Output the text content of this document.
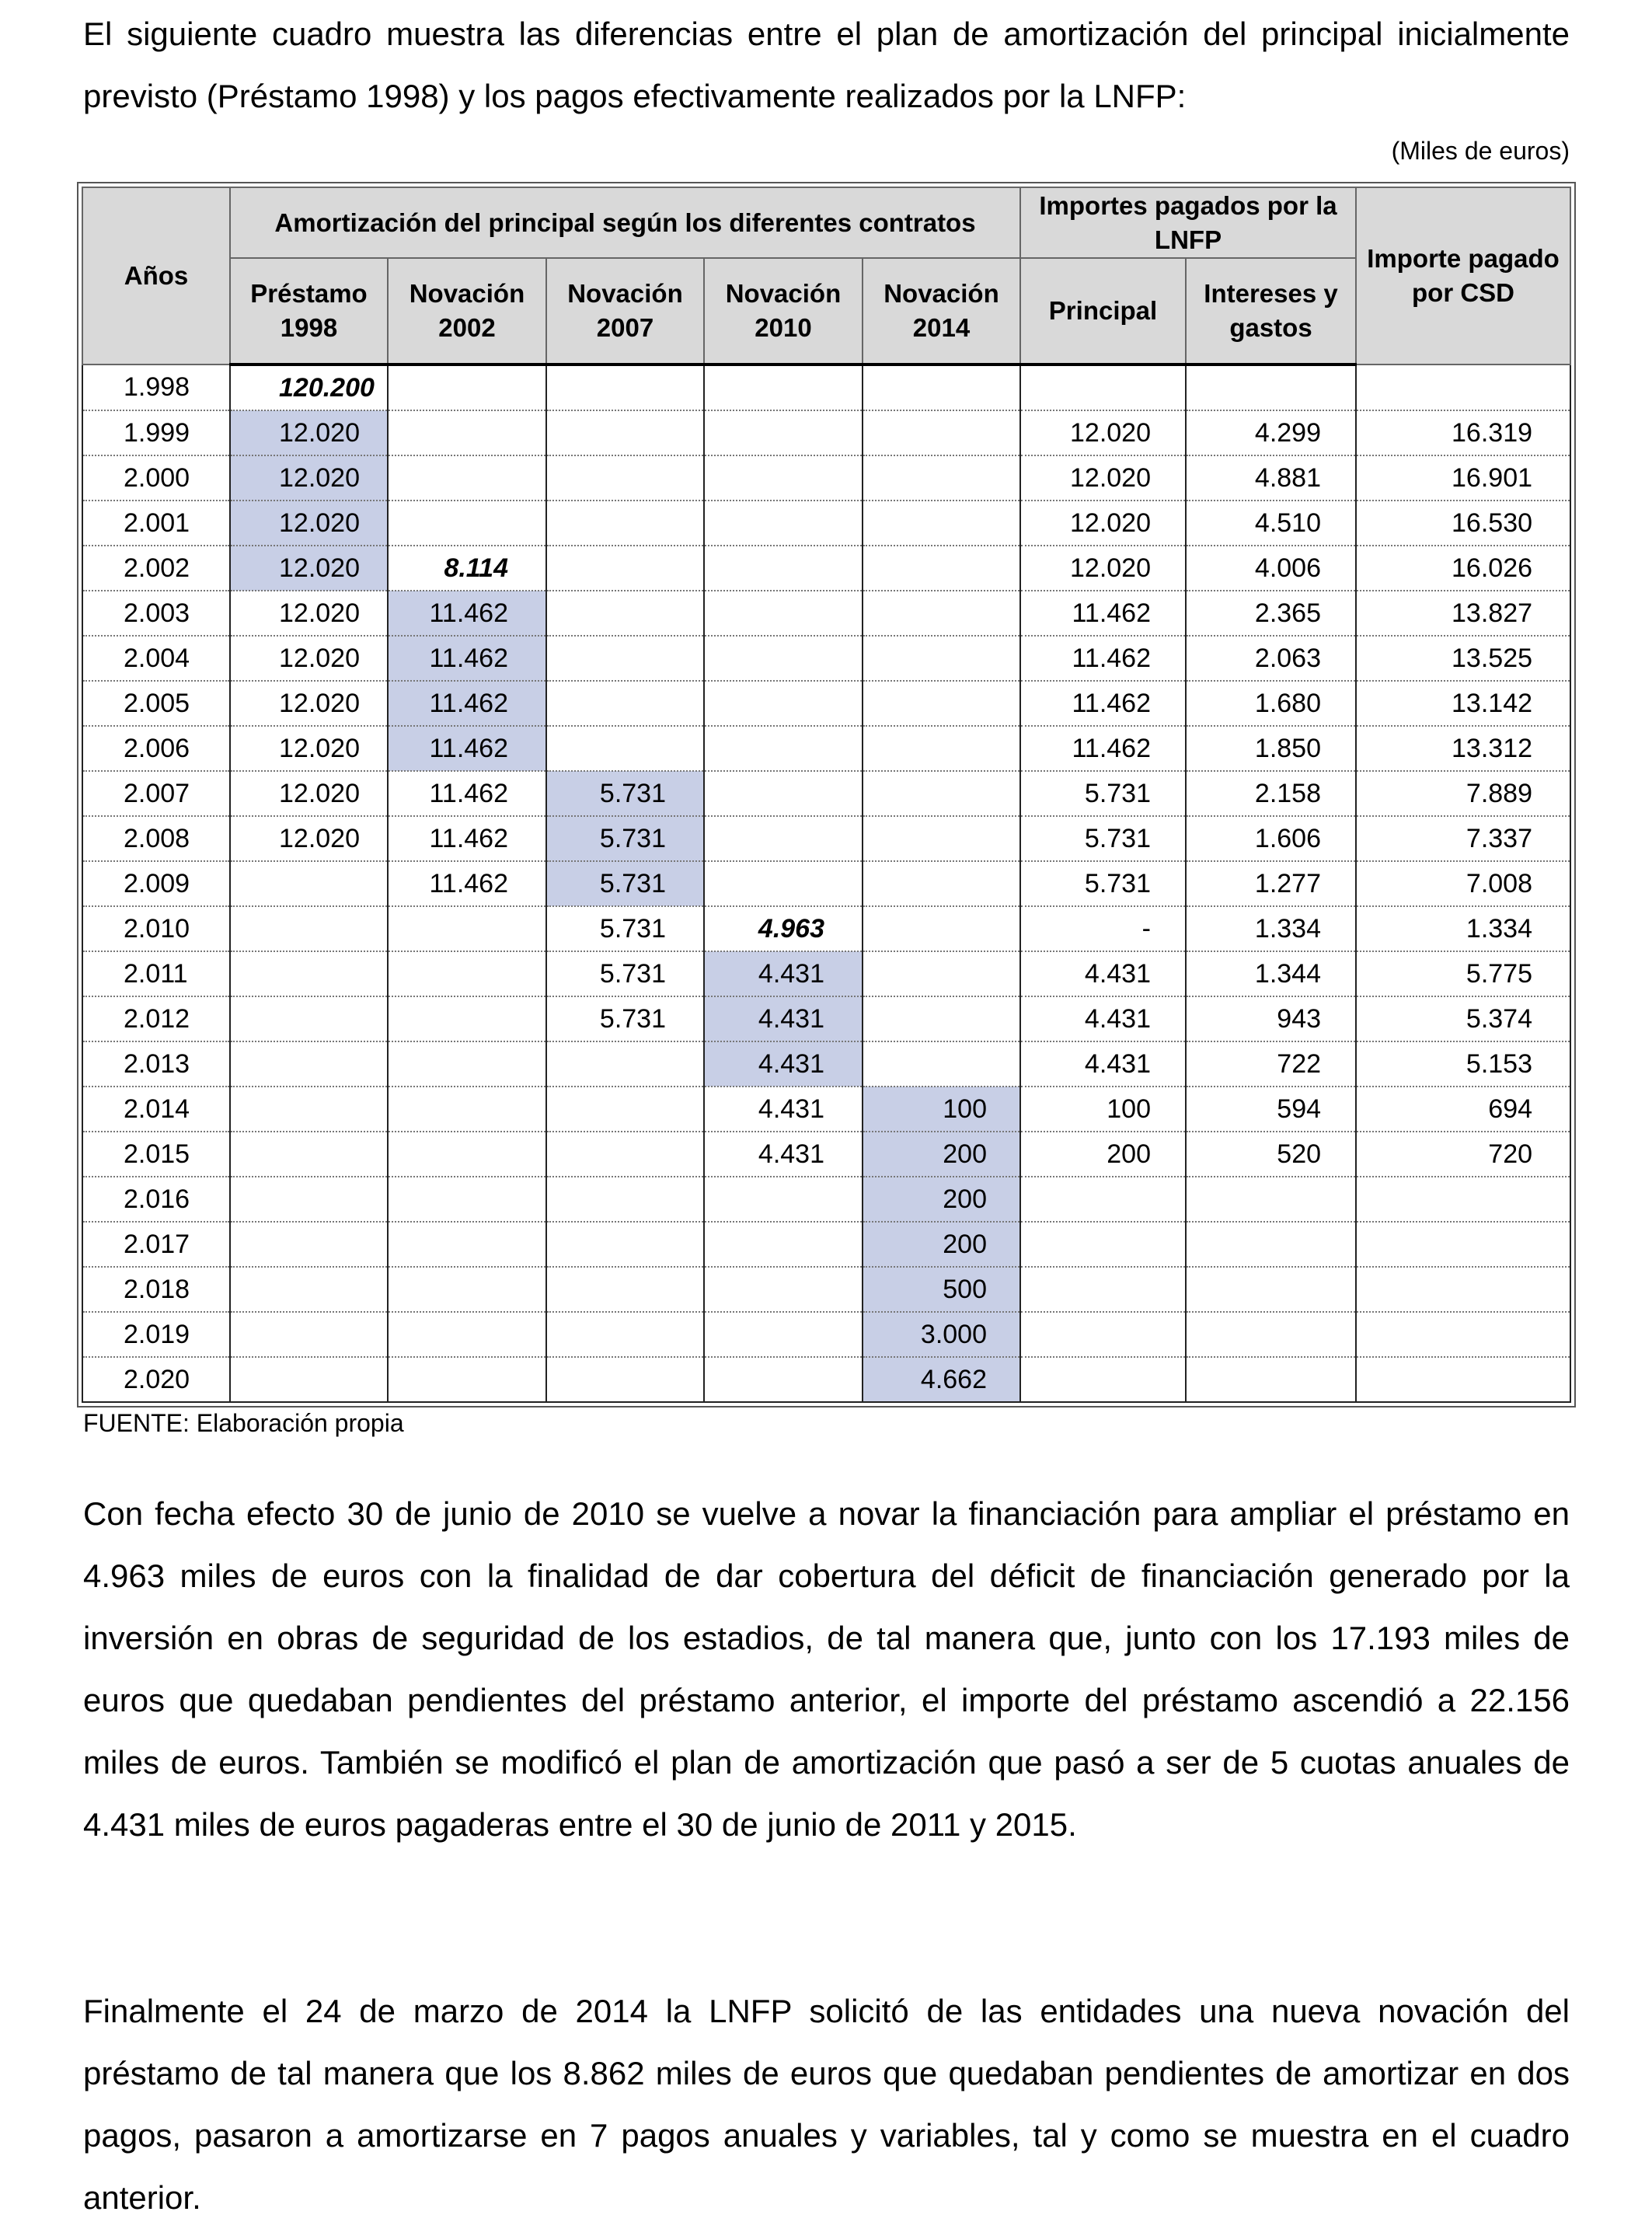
El siguiente cuadro muestra las diferencias entre el plan de amortización del principal inicialmente previsto (Préstamo 1998) y los pagos efectivamente realizados por la LNFP:

(Miles de euros)

Años	Amortización del principal según los diferentes contratos					Importes pagados por la LNFP		Importe pagado por CSD
	Préstamo 1998	Novación 2002	Novación 2007	Novación 2010	Novación 2014	Principal	Intereses y gastos	
1.998	120.200							
1.999	12.020					12.020	4.299	16.319
2.000	12.020					12.020	4.881	16.901
2.001	12.020					12.020	4.510	16.530
2.002	12.020	8.114				12.020	4.006	16.026
2.003	12.020	11.462				11.462	2.365	13.827
2.004	12.020	11.462				11.462	2.063	13.525
2.005	12.020	11.462				11.462	1.680	13.142
2.006	12.020	11.462				11.462	1.850	13.312
2.007	12.020	11.462	5.731			5.731	2.158	7.889
2.008	12.020	11.462	5.731			5.731	1.606	7.337
2.009		11.462	5.731			5.731	1.277	7.008
2.010			5.731	4.963		-	1.334	1.334
2.011			5.731	4.431		4.431	1.344	5.775
2.012			5.731	4.431		4.431	943	5.374
2.013				4.431		4.431	722	5.153
2.014				4.431	100	100	594	694
2.015				4.431	200	200	520	720
2.016					200			
2.017					200			
2.018					500			
2.019					3.000			
2.020					4.662			

FUENTE: Elaboración propia

Con fecha efecto 30 de junio de 2010 se vuelve a novar la financiación para ampliar el préstamo en 4.963 miles de euros con la finalidad de dar cobertura del déficit de financiación generado por la inversión en obras de seguridad de los estadios, de tal manera que, junto con los 17.193 miles de euros que quedaban pendientes del préstamo anterior, el importe del préstamo ascendió a 22.156 miles de euros. También se modificó el plan de amortización que pasó a ser de 5 cuotas anuales de 4.431 miles de euros pagaderas entre el 30 de junio de 2011 y 2015.

Finalmente el 24 de marzo de 2014 la LNFP solicitó de las entidades una nueva novación del préstamo de tal manera que los 8.862 miles de euros que quedaban pendientes de amortizar en dos pagos, pasaron a amortizarse en 7 pagos anuales y variables, tal y como se muestra en el cuadro anterior.
